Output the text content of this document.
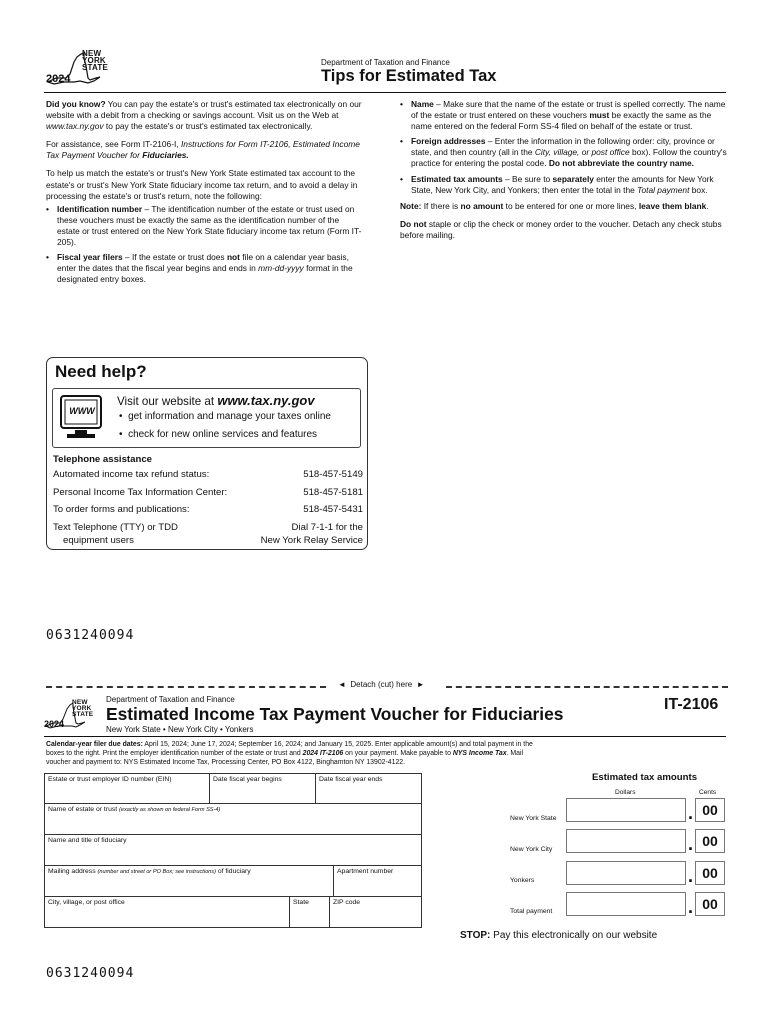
NEW
YORK
STATE
2024
Department of Taxation and Finance
Tips for Estimated Tax

Did you know? You can pay the estate's or trust's estimated tax electronically on our website with a debit from a checking or savings account. Visit us on the Web at www.tax.ny.gov to pay the estate's or trust's estimated tax electronically.

For assistance, see Form IT-2106-I, Instructions for Form IT-2106, Estimated Income Tax Payment Voucher for Fiduciaries.

To help us match the estate's or trust's New York State estimated tax account to the estate's or trust's New York State fiduciary income tax return, and to avoid a delay in processing the estate's or trust's return, note the following:

• Identification number – The identification number of the estate or trust used on these vouchers must be exactly the same as the identification number of the estate or trust entered on the New York State fiduciary income tax return (Form IT-205).
• Fiscal year filers – If the estate or trust does not file on a calendar year basis, enter the dates that the fiscal year begins and ends in mm-dd-yyyy format in the designated entry boxes.
• Name – Make sure that the name of the estate or trust is spelled correctly. The name of the estate or trust entered on these vouchers must be exactly the same as the name entered on the federal Form SS-4 filed on behalf of the estate or trust.
• Foreign addresses – Enter the information in the following order: city, province or state, and then country (all in the City, village, or post office box). Follow the country's practice for entering the postal code. Do not abbreviate the country name.
• Estimated tax amounts – Be sure to separately enter the amounts for New York State, New York City, and Yonkers; then enter the total in the Total payment box.

Note: If there is no amount to be entered for one or more lines, leave them blank.

Do not staple or clip the check or money order to the voucher. Detach any check stubs before mailing.

Need help?
WWW
Visit our website at www.tax.ny.gov
•  get information and manage your taxes online
•  check for new online services and features
Telephone assistance
Automated income tax refund status:	518-457-5149
Personal Income Tax Information Center:	518-457-5181
To order forms and publications:	518-457-5431
Text Telephone (TTY) or TDD
equipment users
Dial 7-1-1 for the
New York Relay Service
0631240094
◄  Detach (cut) here  ►
NEW
YORK
STATE
2024
Department of Taxation and Finance
Estimated Income Tax Payment Voucher for Fiduciaries
New York State • New York City • Yonkers
IT-2106
Calendar-year filer due dates: April 15, 2024; June 17, 2024; September 16, 2024; and January 15, 2025. Enter applicable amount(s) and total payment in the boxes to the right. Print the employer identification number of the estate or trust and 2024 IT-2106 on your payment. Make payable to NYS Income Tax. Mail voucher and payment to: NYS Estimated Income Tax, Processing Center, PO Box 4122, Binghamton NY 13902-4122.
Estate or trust employer ID number (EIN)	Date fiscal year begins	Date fiscal year ends
Name of estate or trust (exactly as shown on federal Form SS-4)
Name and title of fiduciary
Mailing address (number and street or PO Box; see instructions) of fiduciary	Apartment number
City, village, or post office	State	ZIP code
Estimated tax amounts
Dollars	Cents
New York State	. 00
New York City	. 00
Yonkers	. 00
Total payment	. 00
STOP: Pay this electronically on our website
0631240094
